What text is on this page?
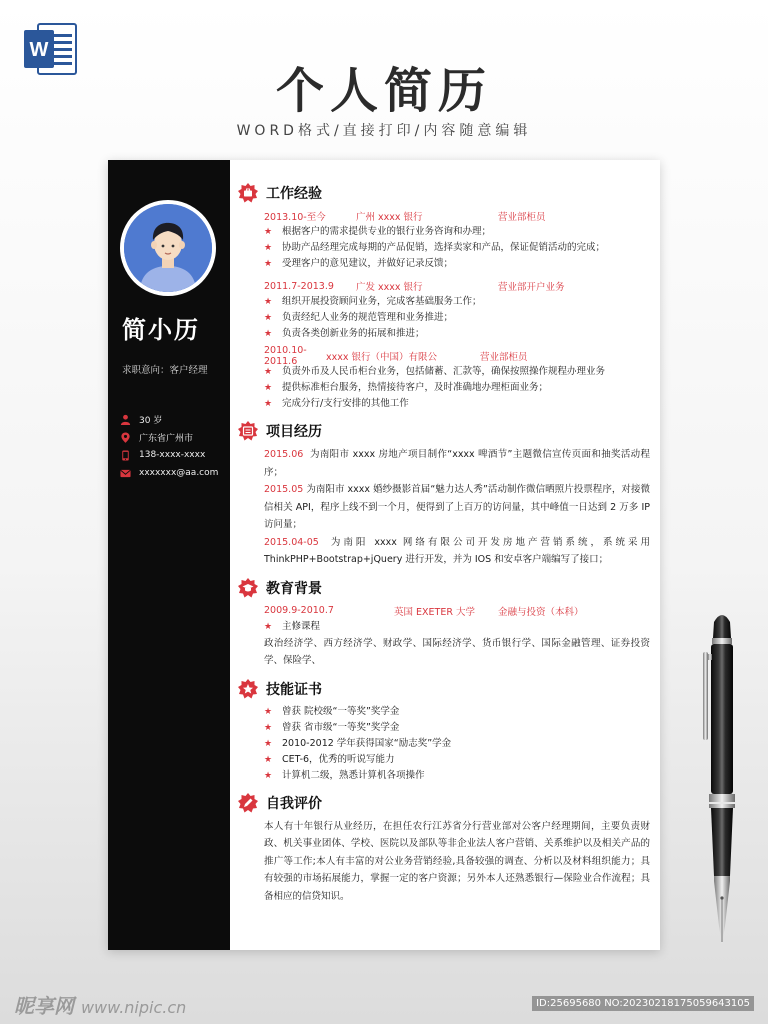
W
个人简历
WORD格式/直接打印/内容随意编辑
简小历
求职意向：客户经理
30 岁
广东省广州市
138-xxxx-xxxx
xxxxxxx@aa.com
工作经验
2013.10-至今	广州 xxxx 银行	营业部柜员
★	根据客户的需求提供专业的银行业务咨询和办理；
★	协助产品经理完成每期的产品促销，选择卖家和产品，保证促销活动的完成；
★	受理客户的意见建议，并做好记录反馈；
2011.7-2013.9	广发 xxxx 银行	营业部开户业务
★	组织开展投资顾问业务，完成客基础服务工作；
★	负责经纪人业务的规范管理和业务推进；
★	负责各类创新业务的拓展和推进；
2010.10-2011.6	xxxx 银行（中国）有限公	营业部柜员
★	负责外币及人民币柜台业务，包括储蓄、汇款等，确保按照操作规程办理业务
★	提供标准柜台服务，热情接待客户，及时准确地办理柜面业务；
★	完成分行/支行安排的其他工作
项目经历

2015.06 为南阳市 xxxx 房地产项目制作“xxxx 啤酒节”主题微信宣传页面和抽奖活动程序；

2015.05 为南阳市 xxxx 婚纱摄影首届“魅力达人秀”活动制作微信晒照片投票程序，对接微信相关 API，程序上线不到一个月，便得到了上百万的访问量，其中峰值一日达到 2 万多 IP 访问量；

2015.04-05 为南阳 xxxx 网络有限公司开发房地产营销系统，系统采用 ThinkPHP+Bootstrap+jQuery 进行开发，并为 IOS 和安卓客户端编写了接口；

教育背景
2009.9-2010.7	英国 EXETER 大学	金融与投资（本科）
★	主修课程

政治经济学、西方经济学、财政学、国际经济学、货币银行学、国际金融管理、证券投资学、保险学、

技能证书
★	曾获 院校级“一等奖”奖学金
★	曾获 省市级“一等奖”奖学金
★	2010-2012 学年获得国家“励志奖”学金
★	CET-6，优秀的听说写能力
★	计算机二级，熟悉计算机各项操作
自我评价

本人有十年银行从业经历，在担任农行江苏省分行营业部对公客户经理期间，主要负责财政、机关事业团体、学校、医院以及部队等非企业法人客户营销、关系维护以及相关产品的推广等工作;本人有丰富的对公业务营销经验,具备较强的调查、分析以及材料组织能力；具有较强的市场拓展能力，掌握一定的客户资源；另外本人还熟悉银行—保险业合作流程；具备相应的信贷知识。

昵享网 www.nipic.cn	ID:25695680 NO:20230218175059643105
